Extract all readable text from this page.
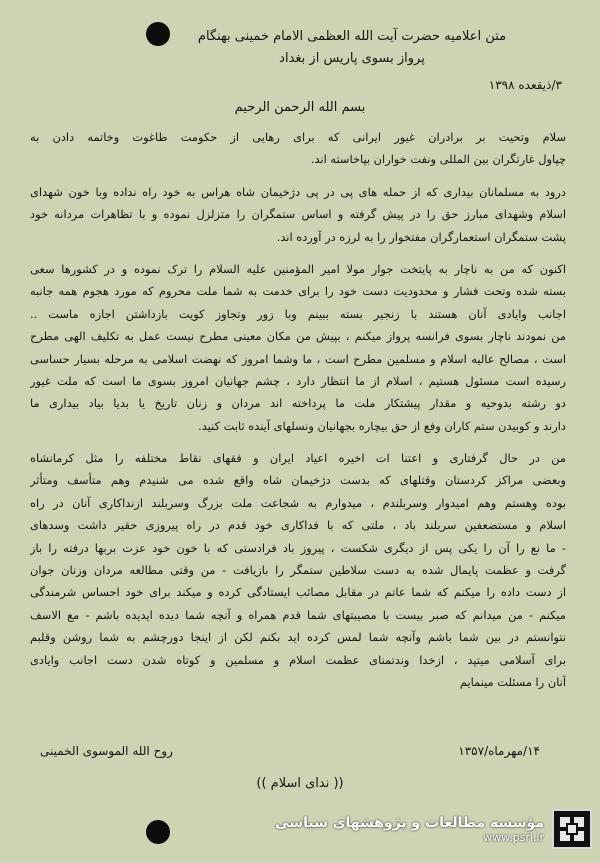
متن اعلامیه حضرت آیت الله العظمی الامام خمینی بهنگام
پرواز بسوی پاریس از بغداد
۳/ذیقعده ۱۳۹۸
بسم الله الرحمن الرحیم
سلام وتحیت بر برادران غیور ایرانی که برای رهایی از حکومت طاغوت وخاتمه دادن به
چپاول غارتگران بین المللی ونفت خواران بپاخاسته اند.
درود به مسلمانان بیداری که از حمله های پی در پی دژخیمان شاه هراس به خود راه نداده وبا خون شهدای
اسلام وشهدای مبارز حق را در پیش گرفته و اساس ستمگران را متزلزل نموده و با تظاهرات مردانه خود
پشت ستمگران استعمارگران مفتخوار را به لرزه در آورده اند.
اکنون که من به ناچار به پایتخت جوار مولا امیر المؤمنین علیه السلام را ترک نموده و در کشورها سعی
بسته شده وتحت فشار و محدودیت دست خود را برای خدمت به شما ملت محروم که مورد هجوم همه جانبه
اجانب وایادی آنان هستند با زنجیر بسته ببینم وبا زور وتجاوز کویت بازداشتن اجازه ماست ..
من نمودند ناچار بسوی فرانسه پرواز میکنم ، بپیش من مکان معینی مطرح نیست عمل به تکلیف الهی مطرح
است ، مصالح عالیه اسلام و مسلمین مطرح است ، ما وشما امروز که نهضت اسلامی به مرحله بسیار حساسی
رسیده است مسئول هستیم ، اسلام از ما انتظار دارد ، چشم جهانیان امروز بسوی ما است که ملت غیور
دو رشته بدوحیه و مقدار پیشتکار ملت ما پرداخته اند مردان و زنان تاریخ یا بدیا بیاد بیداری ما
دارند و کوبیدن ستم کاران وفع از حق بیچاره بجهانیان ونسلهای آینده ثابت کنید.
من در حال گرفتاری و اعتنا ات اخیره اعیاد ایران و فقهای نقاط مختلفه را مثل کرمانشاه
وبعضی مراکز کردستان وقتلهای که بدست دژخیمان شاه واقع شده می شنیدم وهم متأسف ومتأثر
بوده وهستم وهم امیدوار وسربلندم ، میدوارم به شجاعت ملت بزرگ وسربلند ازنداکاری آنان در راه
اسلام و مستضعفین سربلند باد ، ملتی که با فداکاری خود قدم در راه پیروزی حقیر داشت وسدهای
- ما نع را آن را یکی پس از دیگری شکست ، پیروز باد فرادستی که با خون خود عزت بربها درفته را باز
گرفت و عظمت پایمال شده به دست سلاطین ستمگر را بازیافت - من وقتی مطالعه مردان وزنان جوان
از دست داده را میکنم که شما عاتم در مقابل مصائب ایستادگی کرده و میکند برای خود احساس شرمندگی
میکنم - من میدانم که صبر بیست با مصیبتهای شما قدم همراه و آنچه شما دیده ایدیده باشم - مع الاسف
نتوانستم در بین شما باشم وآنچه شما لمس کرده اید بکنم لکن از اینجا دورچشم به شما روشن وقلبم
برای آسلامی میتپد ، ازخدا وندتمنای عظمت اسلام و مسلمین و کوتاه شدن دست اجانب وایادی
آنان را مسئلت مینمایم
۱۴/مهرماه/۱۳۵۷
روح الله الموسوی الخمینی
(( ندای اسلام ))
مؤسسه مطالعات و پژوهشهای سیاسی
www.psri.ir
